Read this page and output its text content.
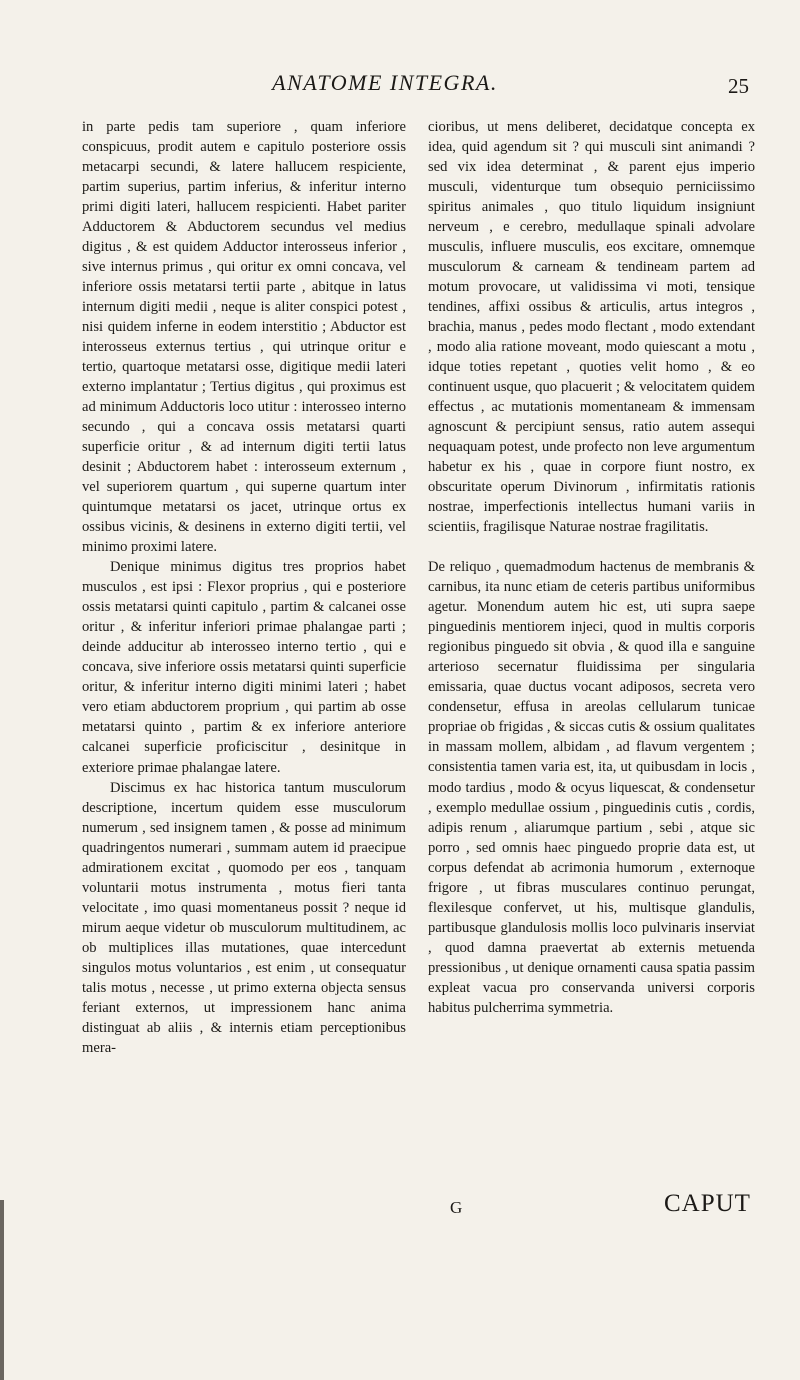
ANATOME INTEGRA.	25

in parte pedis tam superiore , quam inferiore conspicuus, prodit autem e capitulo posteriore ossis metacarpi secundi, & latere hallucem respiciente, partim superius, partim inferius, & inferitur interno primi digiti lateri, hallucem respicienti. Habet pariter Adductorem & Abductorem secundus vel medius digitus , & est quidem Adductor interosseus inferior , sive internus primus , qui oritur ex omni concava, vel inferiore ossis metatarsi tertii parte , abitque in latus internum digiti medii , neque is aliter conspici potest , nisi quidem inferne in eodem interstitio ; Abductor est interosseus externus tertius , qui utrinque oritur e tertio, quartoque metatarsi osse, digitique medii lateri externo implantatur ; Tertius digitus , qui proximus est ad minimum Adductoris loco utitur : interosseo interno secundo , qui a concava ossis metatarsi quarti superficie oritur , & ad internum digiti tertii latus desinit ; Abductorem habet : interosseum externum , vel superiorem quartum , qui superne quartum inter quintumque metatarsi os jacet, utrinque ortus ex ossibus vicinis, & desinens in externo digiti tertii, vel minimo proximi latere.

Denique minimus digitus tres proprios habet musculos , est ipsi : Flexor proprius , qui e posteriore ossis metatarsi quinti capitulo , partim & calcanei osse oritur , & inferitur inferiori primae phalangae parti ; deinde adducitur ab interosseo interno tertio , qui e concava, sive inferiore ossis metatarsi quinti superficie oritur, & inferitur interno digiti minimi lateri ; habet vero etiam abductorem proprium , qui partim ab osse metatarsi quinto , partim & ex inferiore anteriore calcanei superficie proficiscitur , desinitque in exteriore primae phalangae latere.

Discimus ex hac historica tantum musculorum descriptione, incertum quidem esse musculorum numerum , sed insignem tamen , & posse ad minimum quadringentos numerari , summam autem id praecipue admirationem excitat , quomodo per eos , tanquam voluntarii motus instrumenta , motus fieri tanta velocitate , imo quasi momentaneus possit ? neque id mirum aeque videtur ob musculorum multitudinem, ac ob multiplices illas mutationes, quae intercedunt singulos motus voluntarios , est enim , ut consequatur talis motus , necesse , ut primo externa objecta sensus feriant externos, ut impressionem hanc anima distinguat ab aliis , & internis etiam perceptionibus mera-

cioribus, ut mens deliberet, decidatque concepta ex idea, quid agendum sit ? qui musculi sint animandi ? sed vix idea determinat , & parent ejus imperio musculi, videnturque tum obsequio perniciissimo spiritus animales , quo titulo liquidum insigniunt nerveum , e cerebro, medullaque spinali advolare musculis, influere musculis, eos excitare, omnemque musculorum & carneam & tendineam partem ad motum provocare, ut validissima vi moti, tensique tendines, affixi ossibus & articulis, artus integros , brachia, manus , pedes modo flectant , modo extendant , modo alia ratione moveant, modo quiescant a motu , idque toties repetant , quoties velit homo , & eo continuent usque, quo placuerit ; & velocitatem quidem effectus , ac mutationis momentaneam & immensam agnoscunt & percipiunt sensus, ratio autem assequi nequaquam potest, unde profecto non leve argumentum habetur ex his , quae in corpore fiunt nostro, ex obscuritate operum Divinorum , infirmitatis rationis nostrae, imperfectionis intellectus humani variis in scientiis, fragilisque Naturae nostrae fragilitatis.

De reliquo , quemadmodum hactenus de membranis & carnibus, ita nunc etiam de ceteris partibus uniformibus agetur. Monendum autem hic est, uti supra saepe pinguedinis mentiorem injeci, quod in multis corporis regionibus pinguedo sit obvia , & quod illa e sanguine arterioso secernatur fluidissima per singularia emissaria, quae ductus vocant adiposos, secreta vero condensetur, effusa in areolas cellularum tunicae propriae ob frigidas , & siccas cutis & ossium qualitates in massam mollem, albidam , ad flavum vergentem ; consistentia tamen varia est, ita, ut quibusdam in locis , modo tardius , modo & ocyus liquescat, & condensetur , exemplo medullae ossium , pinguedinis cutis , cordis, adipis renum , aliarumque partium , sebi , atque sic porro , sed omnis haec pinguedo proprie data est, ut corpus defendat ab acrimonia humorum , externoque frigore , ut fibras musculares continuo perungat, flexilesque confervet, ut his, multisque glandulis, partibusque glandulosis mollis loco pulvinaris inserviat , quod damna praevertat ab externis metuenda pressionibus , ut denique ornamenti causa spatia passim expleat vacua pro conservanda universi corporis habitus pulcherrima symmetria.

G	CAPUT
